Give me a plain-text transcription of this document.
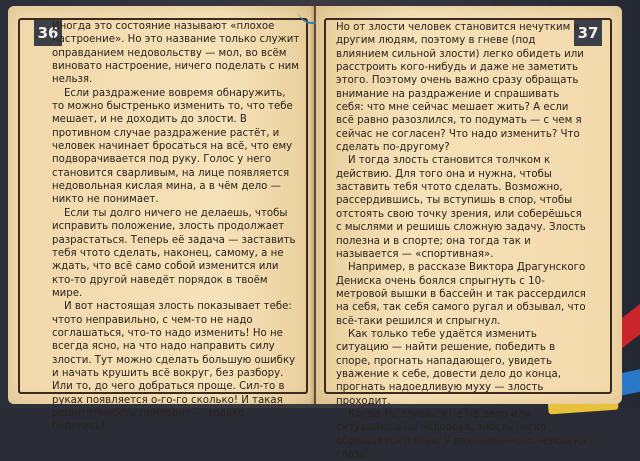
36

Иногда это состояние называют «плохое настроение». Но это название только служит оправданием недовольству — мол, во всём виновато настроение, ничего поделать с ним нельзя.

Если раздражение вовремя обнаружить, то можно быстренько изменить то, что тебе мешает, и не доходить до злости. В противном случае раздражение растёт, и человек начинает бросаться на всё, что ему подворачивается под руку. Голос у него становится сварливым, на лице появляется недовольная кислая мина, а в чём дело — никто не понимает.

Если ты долго ничего не делаешь, чтобы исправить положение, злость продолжает разрастаться. Теперь её задача — заставить тебя чтото сделать, наконец, самому, а не ждать, что всё само собой изменится или кто-то другой наведёт порядок в твоём мире.

И вот настоящая злость показывает тебе: чтото неправильно, с чем-то не надо соглашаться, что-то надо изменить! Но не всегда ясно, на что надо направить силу злости. Тут можно сделать большую ошибку и начать крушить всё вокруг, без разбору. Или то, до чего добраться проще. Сил-то в руках появляется о-го-го сколько! И такая решительность приходит — только берегись!

37

Но от злости человек становится нечутким к другим людям, поэтому в гневе (под влиянием сильной злости) легко обидеть или расстроить кого-нибудь и даже не заметить этого. Поэтому очень важно сразу обращать внимание на раздражение и спрашивать себя: что мне сейчас мешает жить? А если всё равно разозлился, то подумать — с чем я сейчас не согласен? Что надо изменить? Что сделать по-другому?

И тогда злость становится толчком к действию. Для того она и нужна, чтобы заставить тебя чтото сделать. Возможно, рассердившись, ты вступишь в спор, чтобы отстоять свою точку зрения, или соберёшься с мыслями и решишь сложную задачу. Злость полезна и в спорте; она тогда так и называется — «спортивная».

Например, в рассказе Виктора Драгунского Дениска очень боялся спрыгнуть с 10-метровой вышки в бассейн и так рассердился на себя, так себя самого ругал и обзывал, что всё-таки решился и спрыгнул.

Как только тебе удаётся изменить ситуацию — найти решение, победить в споре, прогнать нападающего, увидеть уважение к себе, довести дело до конца, прогнать надоедливую муху — злость проходит.

Когда ты злишься не на дело или ситуацию, а на человека, злость легко обращается в гнев. У разгневанного человека глаза
